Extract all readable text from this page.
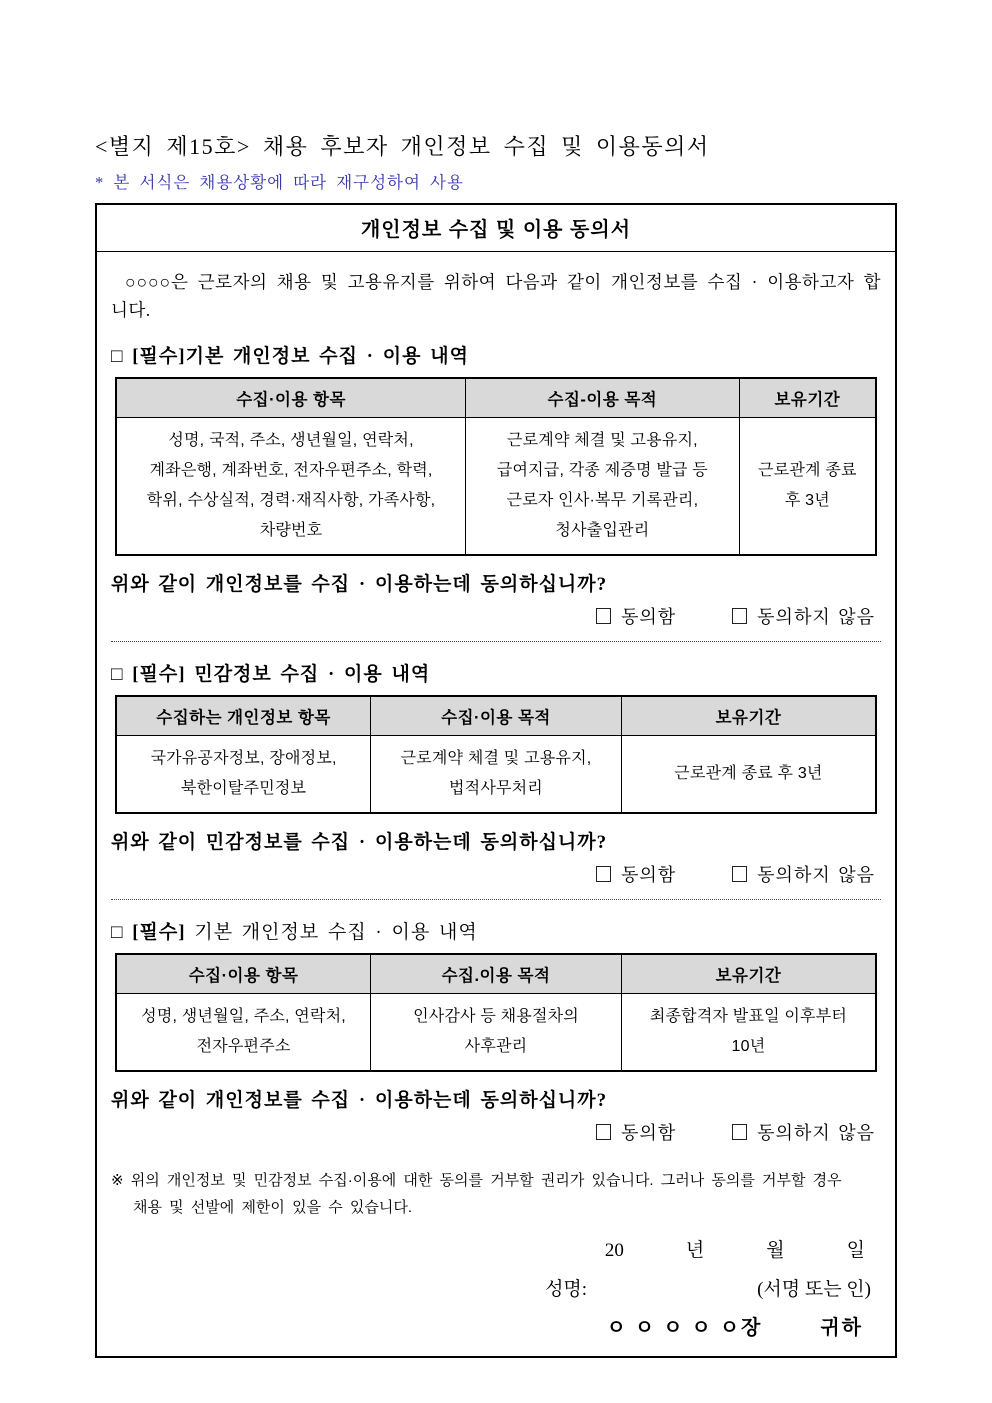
<별지 제15호> 채용 후보자 개인정보 수집 및 이용동의서
* 본 서식은 채용상황에 따라 재구성하여 사용
개인정보 수집 및 이용 동의서

○○○○은 근로자의 채용 및 고용유지를 위하여 다음과 같이 개인정보를 수집 · 이용하고자 합니다.

□ [필수]기본 개인정보 수집 · 이용 내역
수집·이용 항목	수집-이용 목적	보유기간

성명, 국적, 주소, 생년월일, 연락처,
계좌은행, 계좌번호, 전자우편주소, 학력,
학위, 수상실적, 경력·재직사항, 가족사항,
차량번호

근로계약 체결 및 고용유지,
급여지급, 각종 제증명 발급 등
근로자 인사·복무 기록관리,
청사출입관리

근로관계 종료
후 3년
위와 같이 개인정보를 수집 · 이용하는데 동의하십니까?
동의함	동의하지 않음
□ [필수] 민감정보 수집 · 이용 내역
수집하는 개인정보 항목	수집·이용 목적	보유기간

국가유공자정보, 장애정보,
북한이탈주민정보

근로계약 체결 및 고용유지,
법적사무처리

근로관계 종료 후 3년
위와 같이 민감정보를 수집 · 이용하는데 동의하십니까?
동의함	동의하지 않음
□ [필수] 기본 개인정보 수집 · 이용 내역
수집·이용 항목	수집.이용 목적	보유기간

성명, 생년월일, 주소, 연락처,
전자우편주소

인사감사 등 채용절차의
사후관리

최종합격자 발표일 이후부터
10년
위와 같이 개인정보를 수집 · 이용하는데 동의하십니까?
동의함	동의하지 않음
※ 위의 개인정보 및 민감정보 수집·이용에 대한 동의를 거부할 권리가 있습니다. 그러나 동의를 거부할 경우
채용 및 선발에 제한이 있을 수 있습니다.
20	년	월	일
성명:	(서명 또는 인)
ㅇ ㅇ ㅇ ㅇ ㅇ장	귀하
